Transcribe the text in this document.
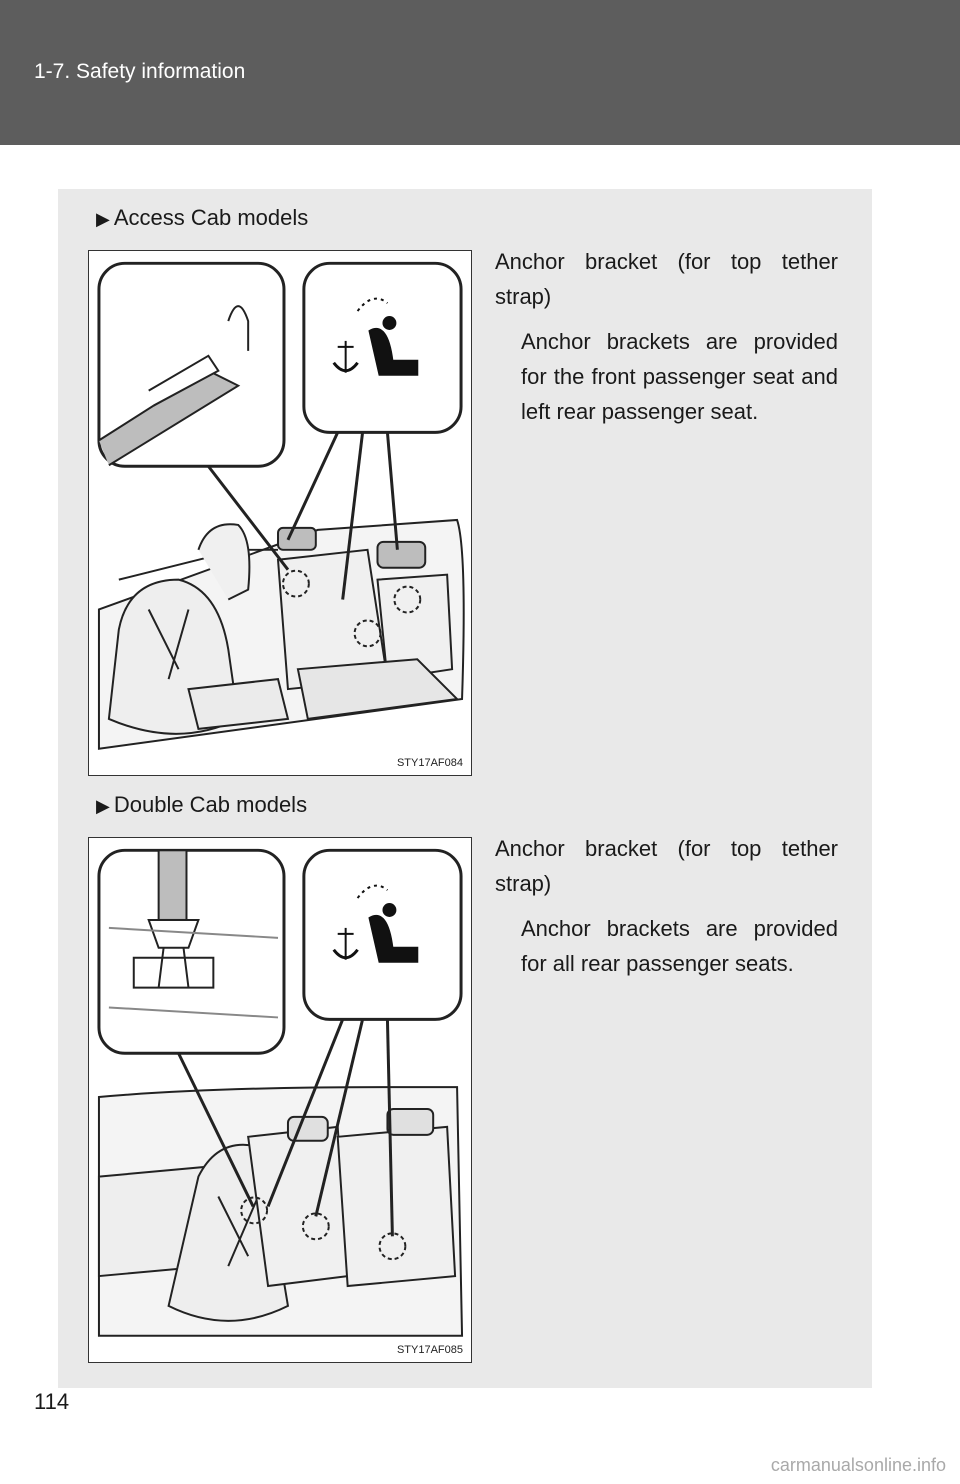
1-7. Safety information
▶ Access Cab models
STY17AF084

Anchor bracket (for top tether strap)

Anchor brackets are provided for the front passenger seat and left rear passenger seat.

▶ Double Cab models
STY17AF085

Anchor bracket (for top tether strap)

Anchor brackets are provided for all rear passenger seats.

114
carmanualsonline.info
